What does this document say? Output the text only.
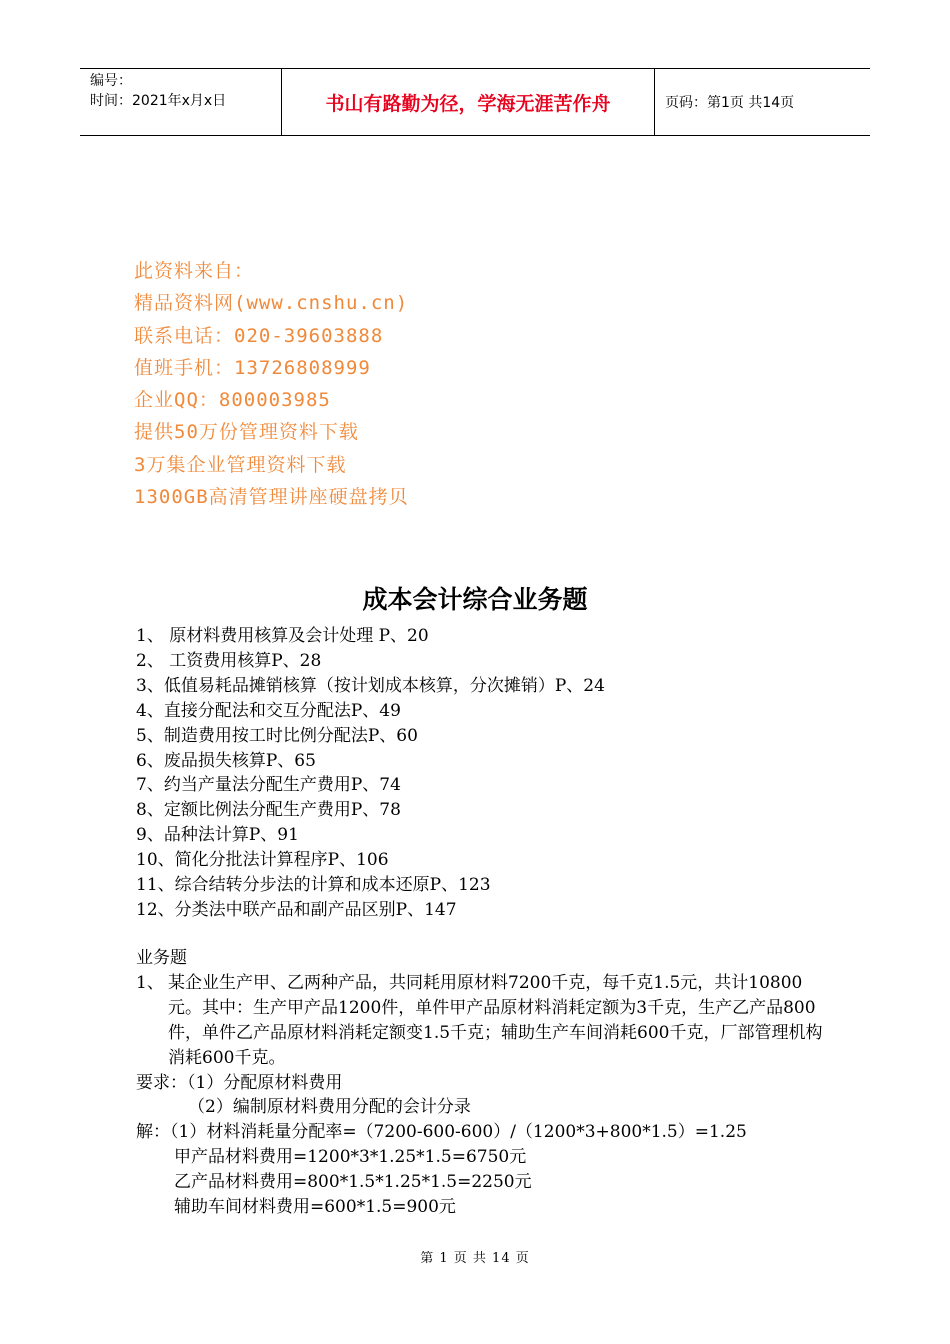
编号：
时间：2021年x月x日	书山有路勤为径，学海无涯苦作舟	页码：第1页 共14页
此资料来自：
精品资料网(www.cnshu.cn)
联系电话：020-39603888
值班手机：13726808999
企业QQ：800003985
提供50万份管理资料下载
3万集企业管理资料下载
1300GB高清管理讲座硬盘拷贝
成本会计综合业务题
1、 原材料费用核算及会计处理 P、20
2、 工资费用核算P、28
3、低值易耗品摊销核算（按计划成本核算，分次摊销）P、24
4、直接分配法和交互分配法P、49
5、制造费用按工时比例分配法P、60
6、废品损失核算P、65
7、约当产量法分配生产费用P、74
8、定额比例法分配生产费用P、78
9、品种法计算P、91
10、简化分批法计算程序P、106
11、综合结转分步法的计算和成本还原P、123
12、分类法中联产品和副产品区别P、147
业务题
1、 某企业生产甲、乙两种产品，共同耗用原材料7200千克，每千克1.5元，共计10800元。其中：生产甲产品1200件，单件甲产品原材料消耗定额为3千克，生产乙产品800件，单件乙产品原材料消耗定额变1.5千克；辅助生产车间消耗600千克，厂部管理机构消耗600千克。
要求：（1）分配原材料费用
（2）编制原材料费用分配的会计分录
解：（1）材料消耗量分配率=（7200-600-600）/（1200*3+800*1.5）=1.25
甲产品材料费用=1200*3*1.25*1.5=6750元
乙产品材料费用=800*1.5*1.25*1.5=2250元
辅助车间材料费用=600*1.5=900元
第 1 页 共 14 页
